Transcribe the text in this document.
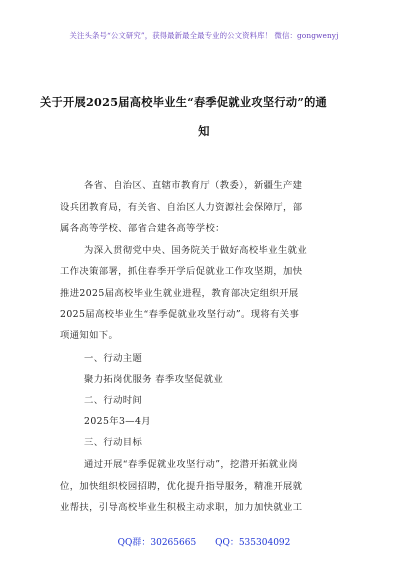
关注头条号“公文研究”，获得最新最全最专业的公文资料库！ 微信：gongwenyj
关于开展2025届高校毕业生“春季促就业攻坚行动”的通
知
各省、自治区、直辖市教育厅（教委），新疆生产建
设兵团教育局，有关省、自治区人力资源社会保障厅，部
属各高等学校、部省合建各高等学校：
为深入贯彻党中央、国务院关于做好高校毕业生就业
工作决策部署，抓住春季开学后促就业工作攻坚期，加快
推进2025届高校毕业生就业进程，教育部决定组织开展
2025届高校毕业生“春季促就业攻坚行动”。现将有关事
项通知如下。
一、行动主题
聚力拓岗优服务 春季攻坚促就业
二、行动时间
2025年3—4月
三、行动目标
通过开展“春季促就业攻坚行动”，挖潜开拓就业岗
位，加快组织校园招聘，优化提升指导服务，精准开展就
业帮扶，引导高校毕业生积极主动求职，加力加快就业工
QQ群：30265665 QQ：535304092
